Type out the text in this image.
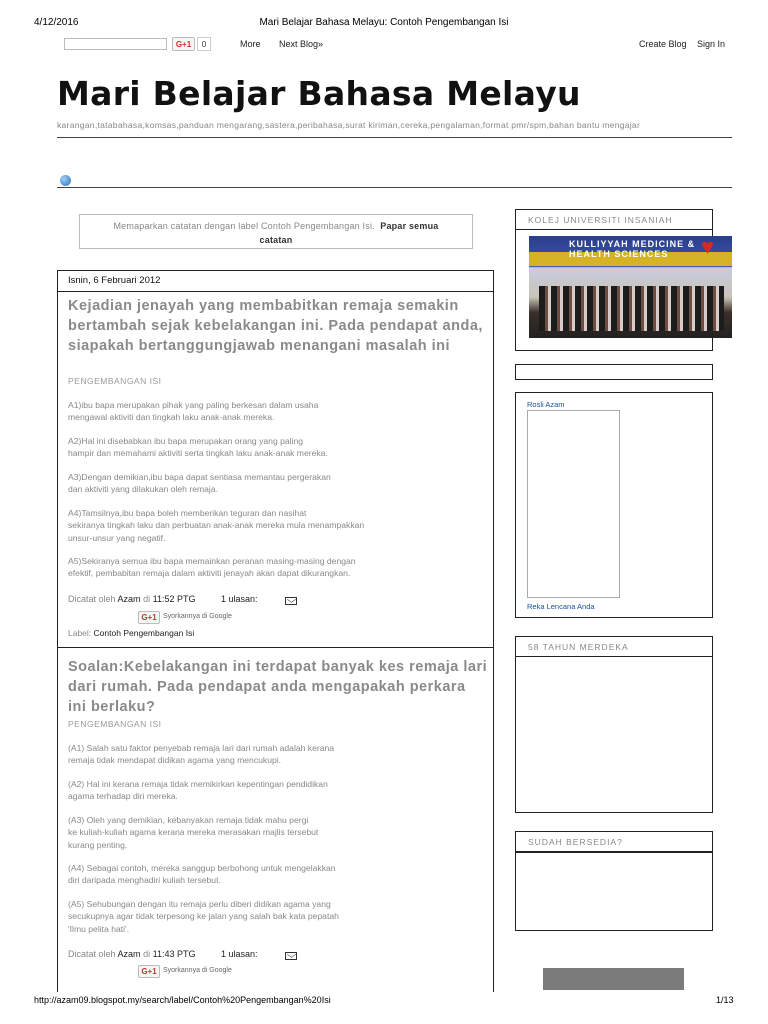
Mari Belajar Bahasa Melayu: Contoh Pengembangan Isi
4/12/2016
G+1	0	More Next Blog»	Create Blog Sign In
Mari Belajar Bahasa Melayu
karangan,tatabahasa,komsas,panduan mengarang,sastera,peribahasa,surat kiriman,cereka,pengalaman,format pmr/spm,bahan bantu mengajar
Memaparkan catatan dengan label Contoh Pengembangan Isi. Papar semua
catatan
Isnin, 6 Februari 2012
Kejadian jenayah yang membabitkan remaja semakin bertambah sejak kebelakangan ini. Pada pendapat anda, siapakah bertanggungjawab menangani masalah ini
PENGEMBANGAN ISI
A1)ibu bapa merupakan pihak yang paling berkesan dalam usaha
mengawal aktiviti dan tingkah laku anak-anak mereka.
A2)Hal ini disebabkan ibu bapa merupakan orang yang paling
hampir dan memahami aktiviti serta tingkah laku anak-anak mereka.
A3)Dengan demikian,ibu bapa dapat sentiasa memantau pergerakan
dan aktiviti yang dilakukan oleh remaja.
A4)Tamsilnya,ibu bapa boleh memberikan teguran dan nasihat
sekiranya tingkah laku dan perbuatan anak-anak mereka mula menampakkan
unsur-unsur yang negatif.
A5)Sekiranya semua ibu bapa memainkan peranan masing-masing dengan
efektif, pembabitan remaja dalam aktiviti jenayah akan dapat dikurangkan.
Dicatat oleh Azam di 11:52 PTG	1 ulasan:
G+1 Syorkannya di Google
Label: Contoh Pengembangan Isi
Soalan:Kebelakangan ini terdapat banyak kes remaja lari dari rumah. Pada pendapat anda mengapakah perkara ini berlaku?
PENGEMBANGAN ISI
(A1) Salah satu faktor penyebab remaja lari dari rumah adalah kerana
remaja tidak mendapat didikan agama yang mencukupi.
(A2) Hal ini kerana remaja tidak memikirkan kepentingan pendidikan
agama terhadap diri mereka.
(A3) Oleh yang demikian, kebanyakan remaja tidak mahu pergi
ke kuliah-kuliah agama kerana mereka merasakan majlis tersebut
kurang penting.
(A4) Sebagai contoh, mereka sanggup berbohong untuk mengelakkan
diri daripada menghadiri kuliah tersebut.
(A5) Sehubungan dengan itu remaja perlu diberi didikan agama yang
secukupnya agar tidak terpesong ke jalan yang salah bak kata pepatah
'Ilmu pelita hati'.
Dicatat oleh Azam di 11:43 PTG	1 ulasan:
G+1 Syorkannya di Google
KOLEJ UNIVERSITI INSANIAH
KULLIYYAH MEDICINE & HEALTH SCIENCES	♥
Rosli Azam
Reka Lencana Anda
58 TAHUN MERDEKA
SUDAH BERSEDIA?
http://azam09.blogspot.my/search/label/Contoh%20Pengembangan%20Isi	1/13
